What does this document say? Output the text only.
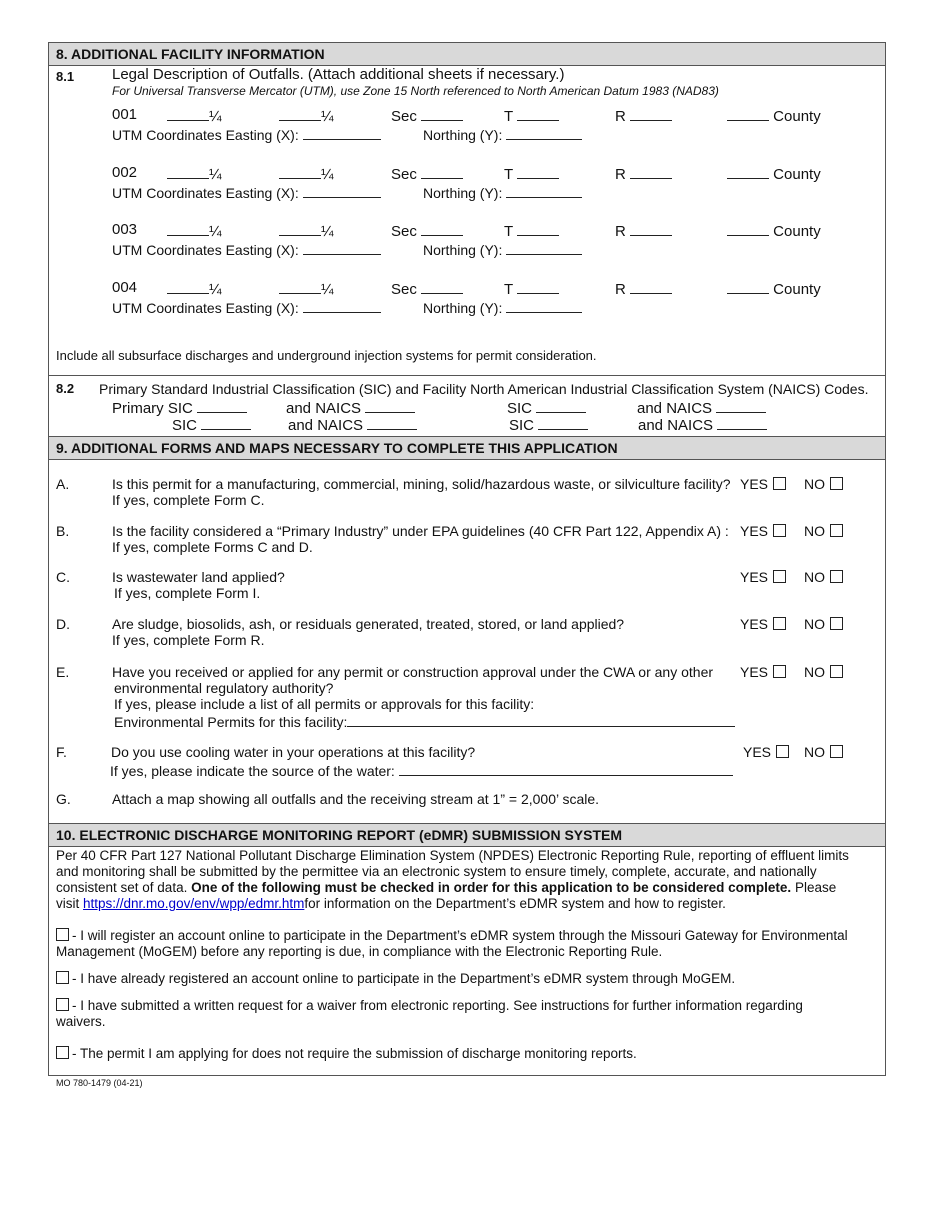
8. ADDITIONAL FACILITY INFORMATION
8.1	Legal Description of Outfalls. (Attach additional sheets if necessary.)
For Universal Transverse Mercator (UTM), use Zone 15 North referenced to North American Datum 1983 (NAD83)
001	¼	¼	Sec	T	R	County
UTM Coordinates Easting (X):	Northing (Y):
002	¼	¼	Sec	T	R	County
UTM Coordinates Easting (X):	Northing (Y):
003	¼	¼	Sec	T	R	County
UTM Coordinates Easting (X):	Northing (Y):
004	¼	¼	Sec	T	R	County
UTM Coordinates Easting (X):	Northing (Y):
Include all subsurface discharges and underground injection systems for permit consideration.
8.2 Primary Standard Industrial Classification (SIC) and Facility North American Industrial Classification System (NAICS) Codes.
Primary SIC	and NAICS	SIC	and NAICS
SIC	and NAICS	SIC	and NAICS
9. ADDITIONAL FORMS AND MAPS NECESSARY TO COMPLETE THIS APPLICATION
A.	Is this permit for a manufacturing, commercial, mining, solid/hazardous waste, or silviculture facility?
If yes, complete Form C.
YES	NO
B.	Is the facility considered a “Primary Industry” under EPA guidelines (40 CFR Part 122, Appendix A) :
If yes, complete Forms C and D.
YES	NO
C.	Is wastewater land applied?
If yes, complete Form I.
YES	NO
D.	Are sludge, biosolids, ash, or residuals generated, treated, stored, or land applied?
If yes, complete Form R.
YES	NO
E.	Have you received or applied for any permit or construction approval under the CWA or any other
environmental regulatory authority?
If yes, please include a list of all permits or approvals for this facility:
Environmental Permits for this facility:
YES	NO
F.	Do you use cooling water in your operations at this facility?
If yes, please indicate the source of the water:
YES	NO
G.	Attach a map showing all outfalls and the receiving stream at 1” = 2,000’ scale.
10. ELECTRONIC DISCHARGE MONITORING REPORT (eDMR) SUBMISSION SYSTEM
Per 40 CFR Part 127 National Pollutant Discharge Elimination System (NPDES) Electronic Reporting Rule, reporting of effluent limits
and monitoring shall be submitted by the permittee via an electronic system to ensure timely, complete, accurate, and nationally
consistent set of data. One of the following must be checked in order for this application to be considered complete. Please
visit https://dnr.mo.gov/env/wpp/edmr.htmfor information on the Department’s eDMR system and how to register.
- I will register an account online to participate in the Department’s eDMR system through the Missouri Gateway for Environmental
Management (MoGEM) before any reporting is due, in compliance with the Electronic Reporting Rule.
- I have already registered an account online to participate in the Department’s eDMR system through MoGEM.
- I have submitted a written request for a waiver from electronic reporting. See instructions for further information regarding
waivers.
- The permit I am applying for does not require the submission of discharge monitoring reports.
MO 780-1479 (04-21)
